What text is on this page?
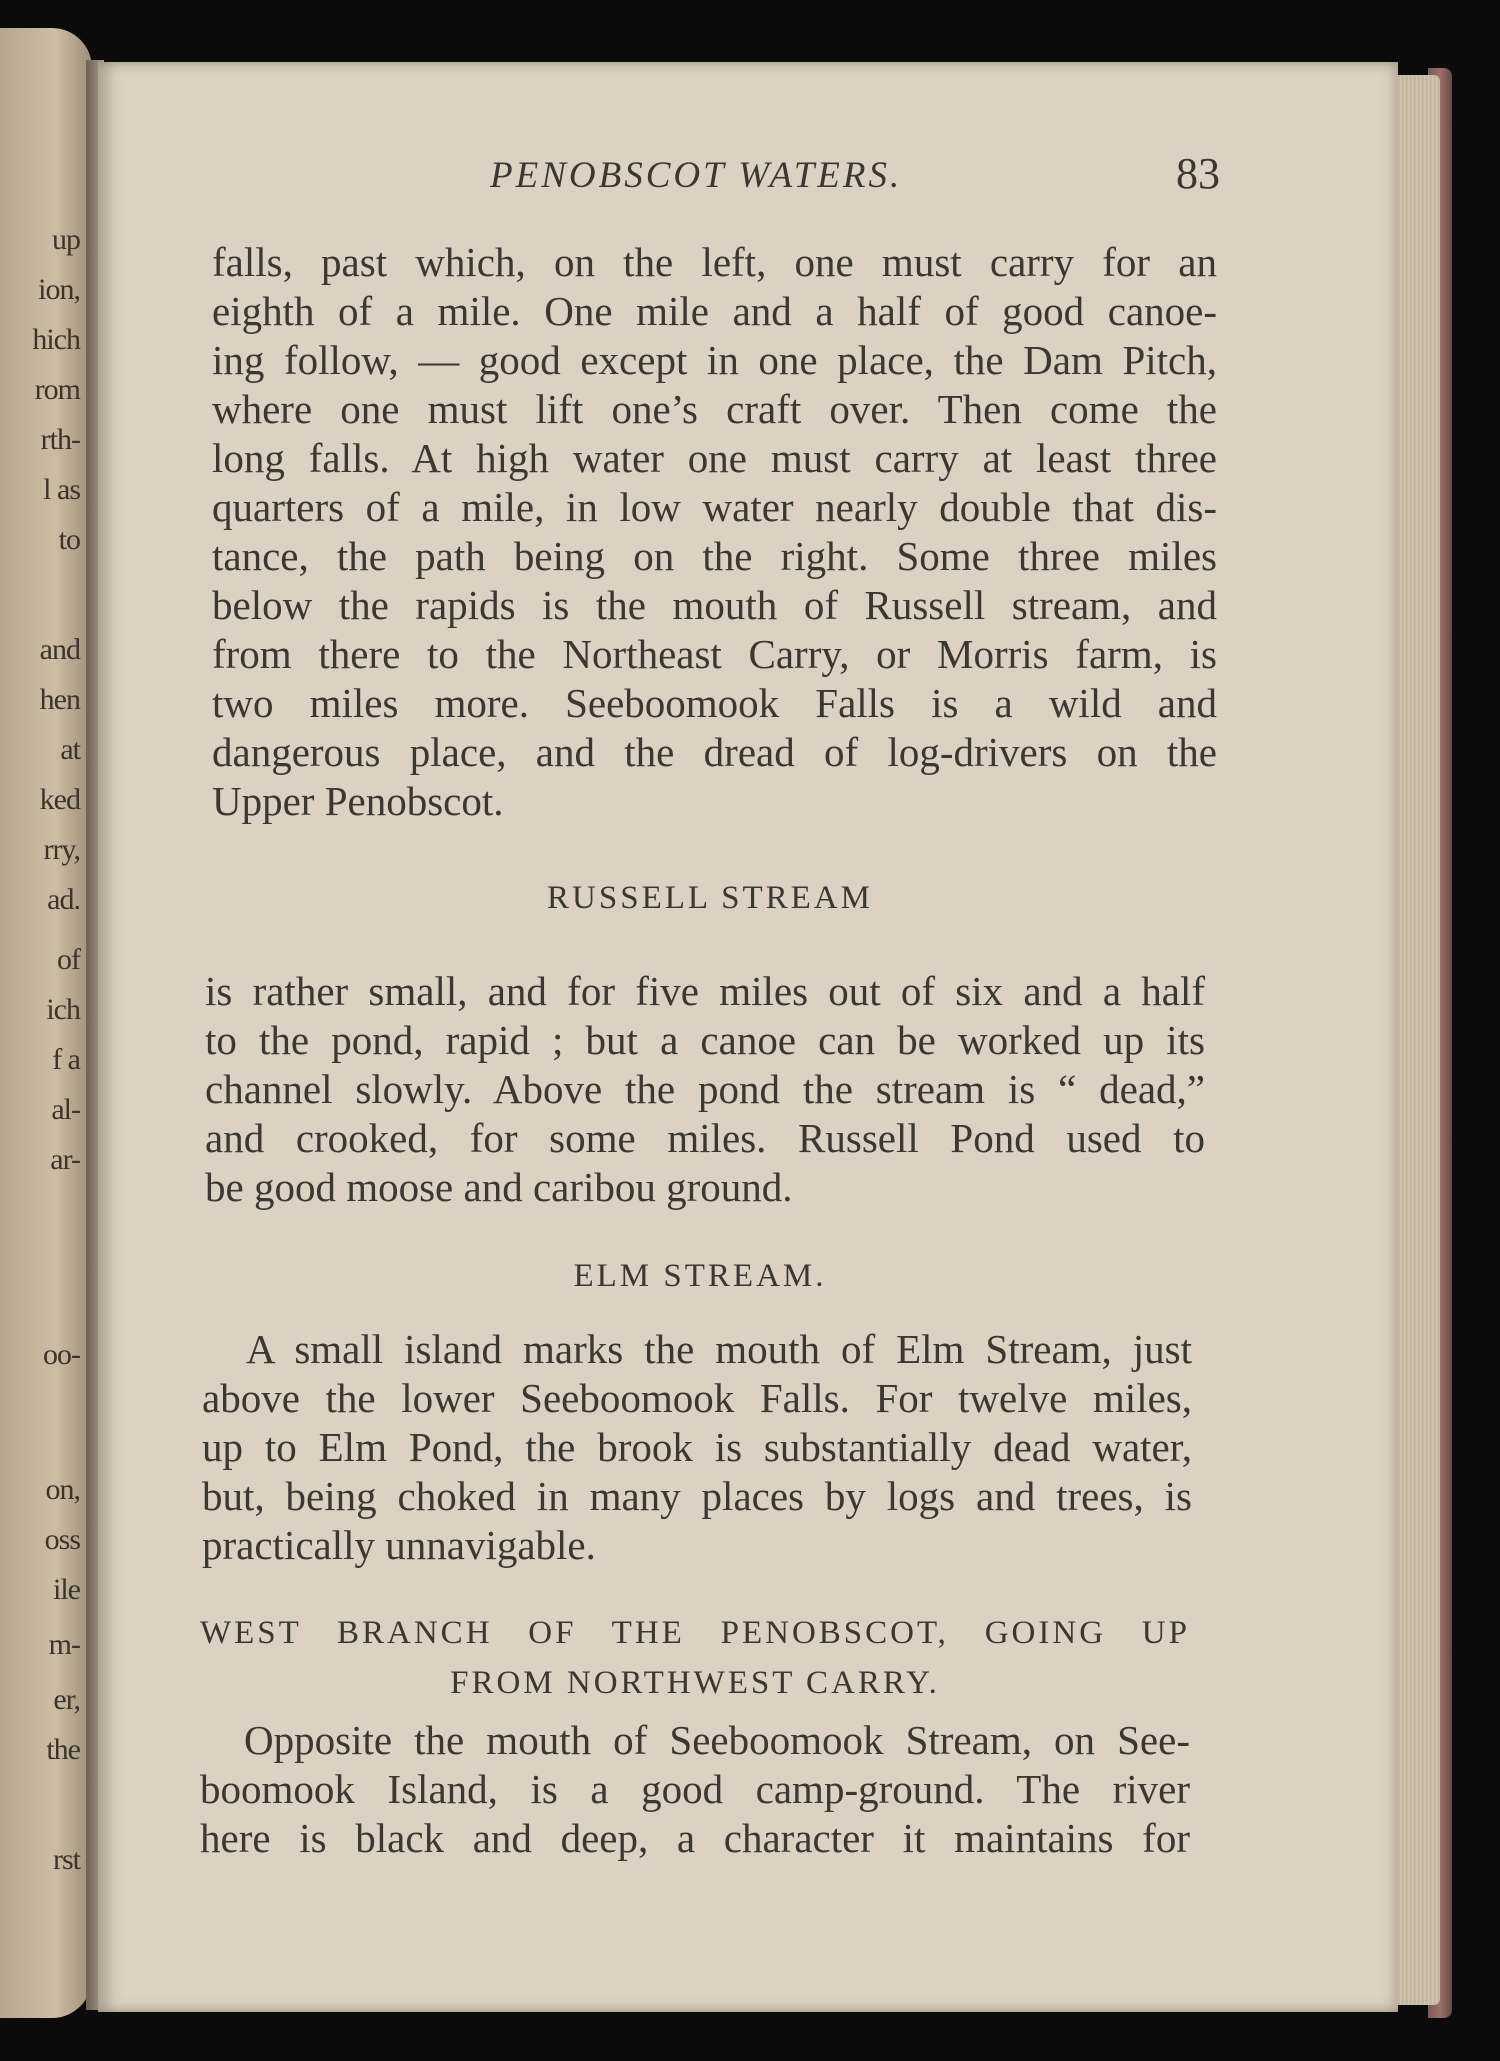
up
ion,
hich
rom
rth-
l as
to
and
hen
at
ked
rry,
ad.
of
ich
f a
al-
ar-
oo-
on,
oss
ile
m-
er,
the
rst
PENOBSCOT WATERS.	83
falls, past which, on the left, one must carry for an
eighth of a mile. One mile and a half of good canoe-
ing follow, — good except in one place, the Dam Pitch,
where one must lift one’s craft over. Then come the
long falls. At high water one must carry at least three
quarters of a mile, in low water nearly double that dis-
tance, the path being on the right. Some three miles
below the rapids is the mouth of Russell stream, and
from there to the Northeast Carry, or Morris farm, is
two miles more. Seeboomook Falls is a wild and
dangerous place, and the dread of log-drivers on the
Upper Penobscot.
RUSSELL STREAM
is rather small, and for five miles out of six and a half
to the pond, rapid ; but a canoe can be worked up its
channel slowly. Above the pond the stream is “ dead,”
and crooked, for some miles. Russell Pond used to
be good moose and caribou ground.
ELM STREAM.
A small island marks the mouth of Elm Stream, just
above the lower Seeboomook Falls. For twelve miles,
up to Elm Pond, the brook is substantially dead water,
but, being choked in many places by logs and trees, is
practically unnavigable.
WEST BRANCH OF THE PENOBSCOT, GOING UP
FROM NORTHWEST CARRY.
Opposite the mouth of Seeboomook Stream, on See-
boomook Island, is a good camp-ground. The river
here is black and deep, a character it maintains for
